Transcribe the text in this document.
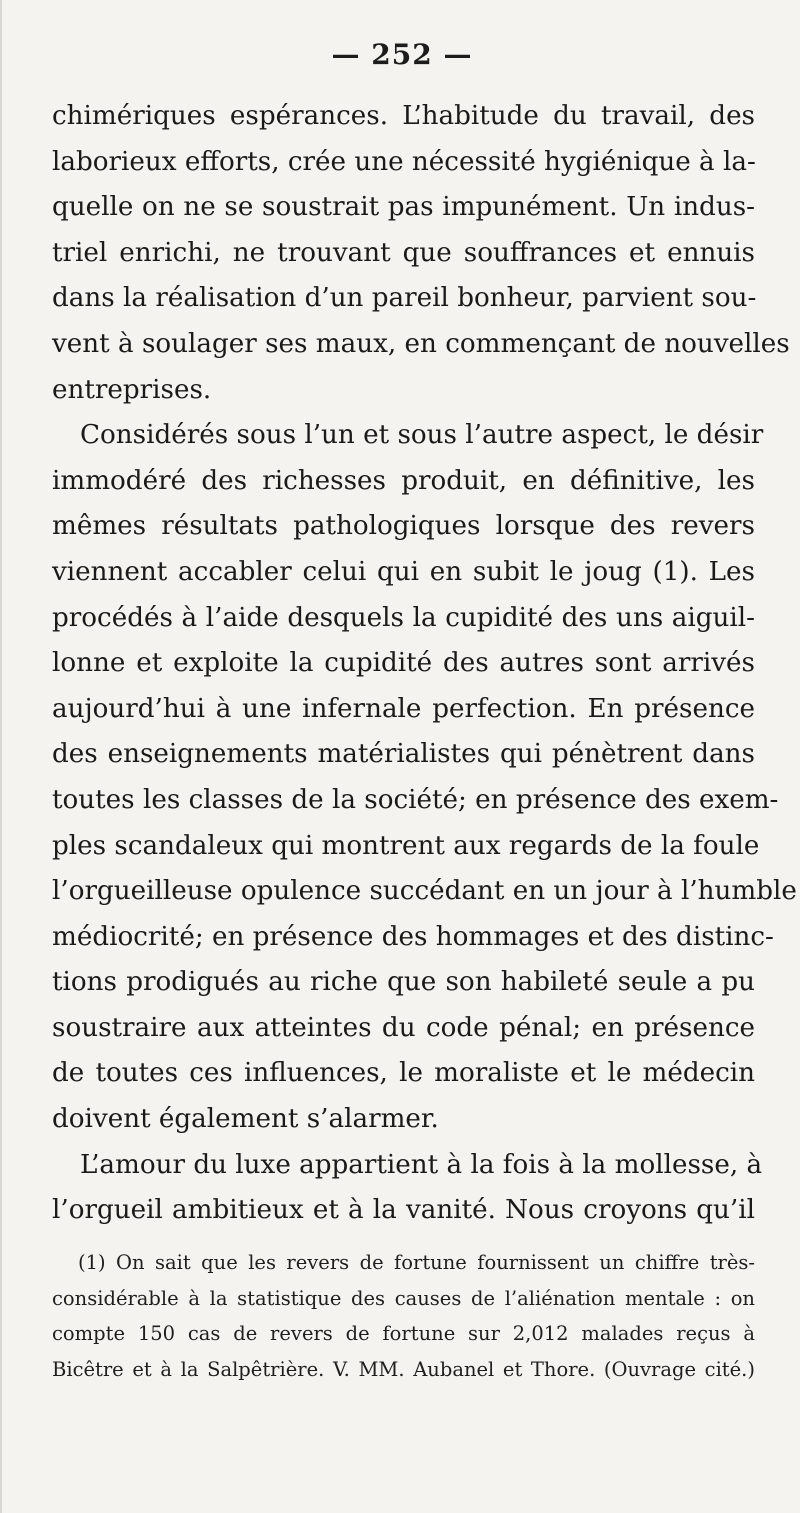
— 252 —
chimériques espérances. L’habitude du travail, des
laborieux efforts, crée une nécessité hygiénique à la-
quelle on ne se soustrait pas impunément. Un indus-
triel enrichi, ne trouvant que souffrances et ennuis
dans la réalisation d’un pareil bonheur, parvient sou-
vent à soulager ses maux, en commençant de nouvelles
entreprises.
Considérés sous l’un et sous l’autre aspect, le désir
immodéré des richesses produit, en définitive, les
mêmes résultats pathologiques lorsque des revers
viennent accabler celui qui en subit le joug (1). Les
procédés à l’aide desquels la cupidité des uns aiguil-
lonne et exploite la cupidité des autres sont arrivés
aujourd’hui à une infernale perfection. En présence
des enseignements matérialistes qui pénètrent dans
toutes les classes de la société; en présence des exem-
ples scandaleux qui montrent aux regards de la foule
l’orgueilleuse opulence succédant en un jour à l’humble
médiocrité; en présence des hommages et des distinc-
tions prodigués au riche que son habileté seule a pu
soustraire aux atteintes du code pénal; en présence
de toutes ces influences, le moraliste et le médecin
doivent également s’alarmer.
L’amour du luxe appartient à la fois à la mollesse, à
l’orgueil ambitieux et à la vanité. Nous croyons qu’il
(1) On sait que les revers de fortune fournissent un chiffre très-
considérable à la statistique des causes de l’aliénation mentale : on
compte 150 cas de revers de fortune sur 2,012 malades reçus à
Bicêtre et à la Salpêtrière. V. MM. Aubanel et Thore. (Ouvrage cité.)
